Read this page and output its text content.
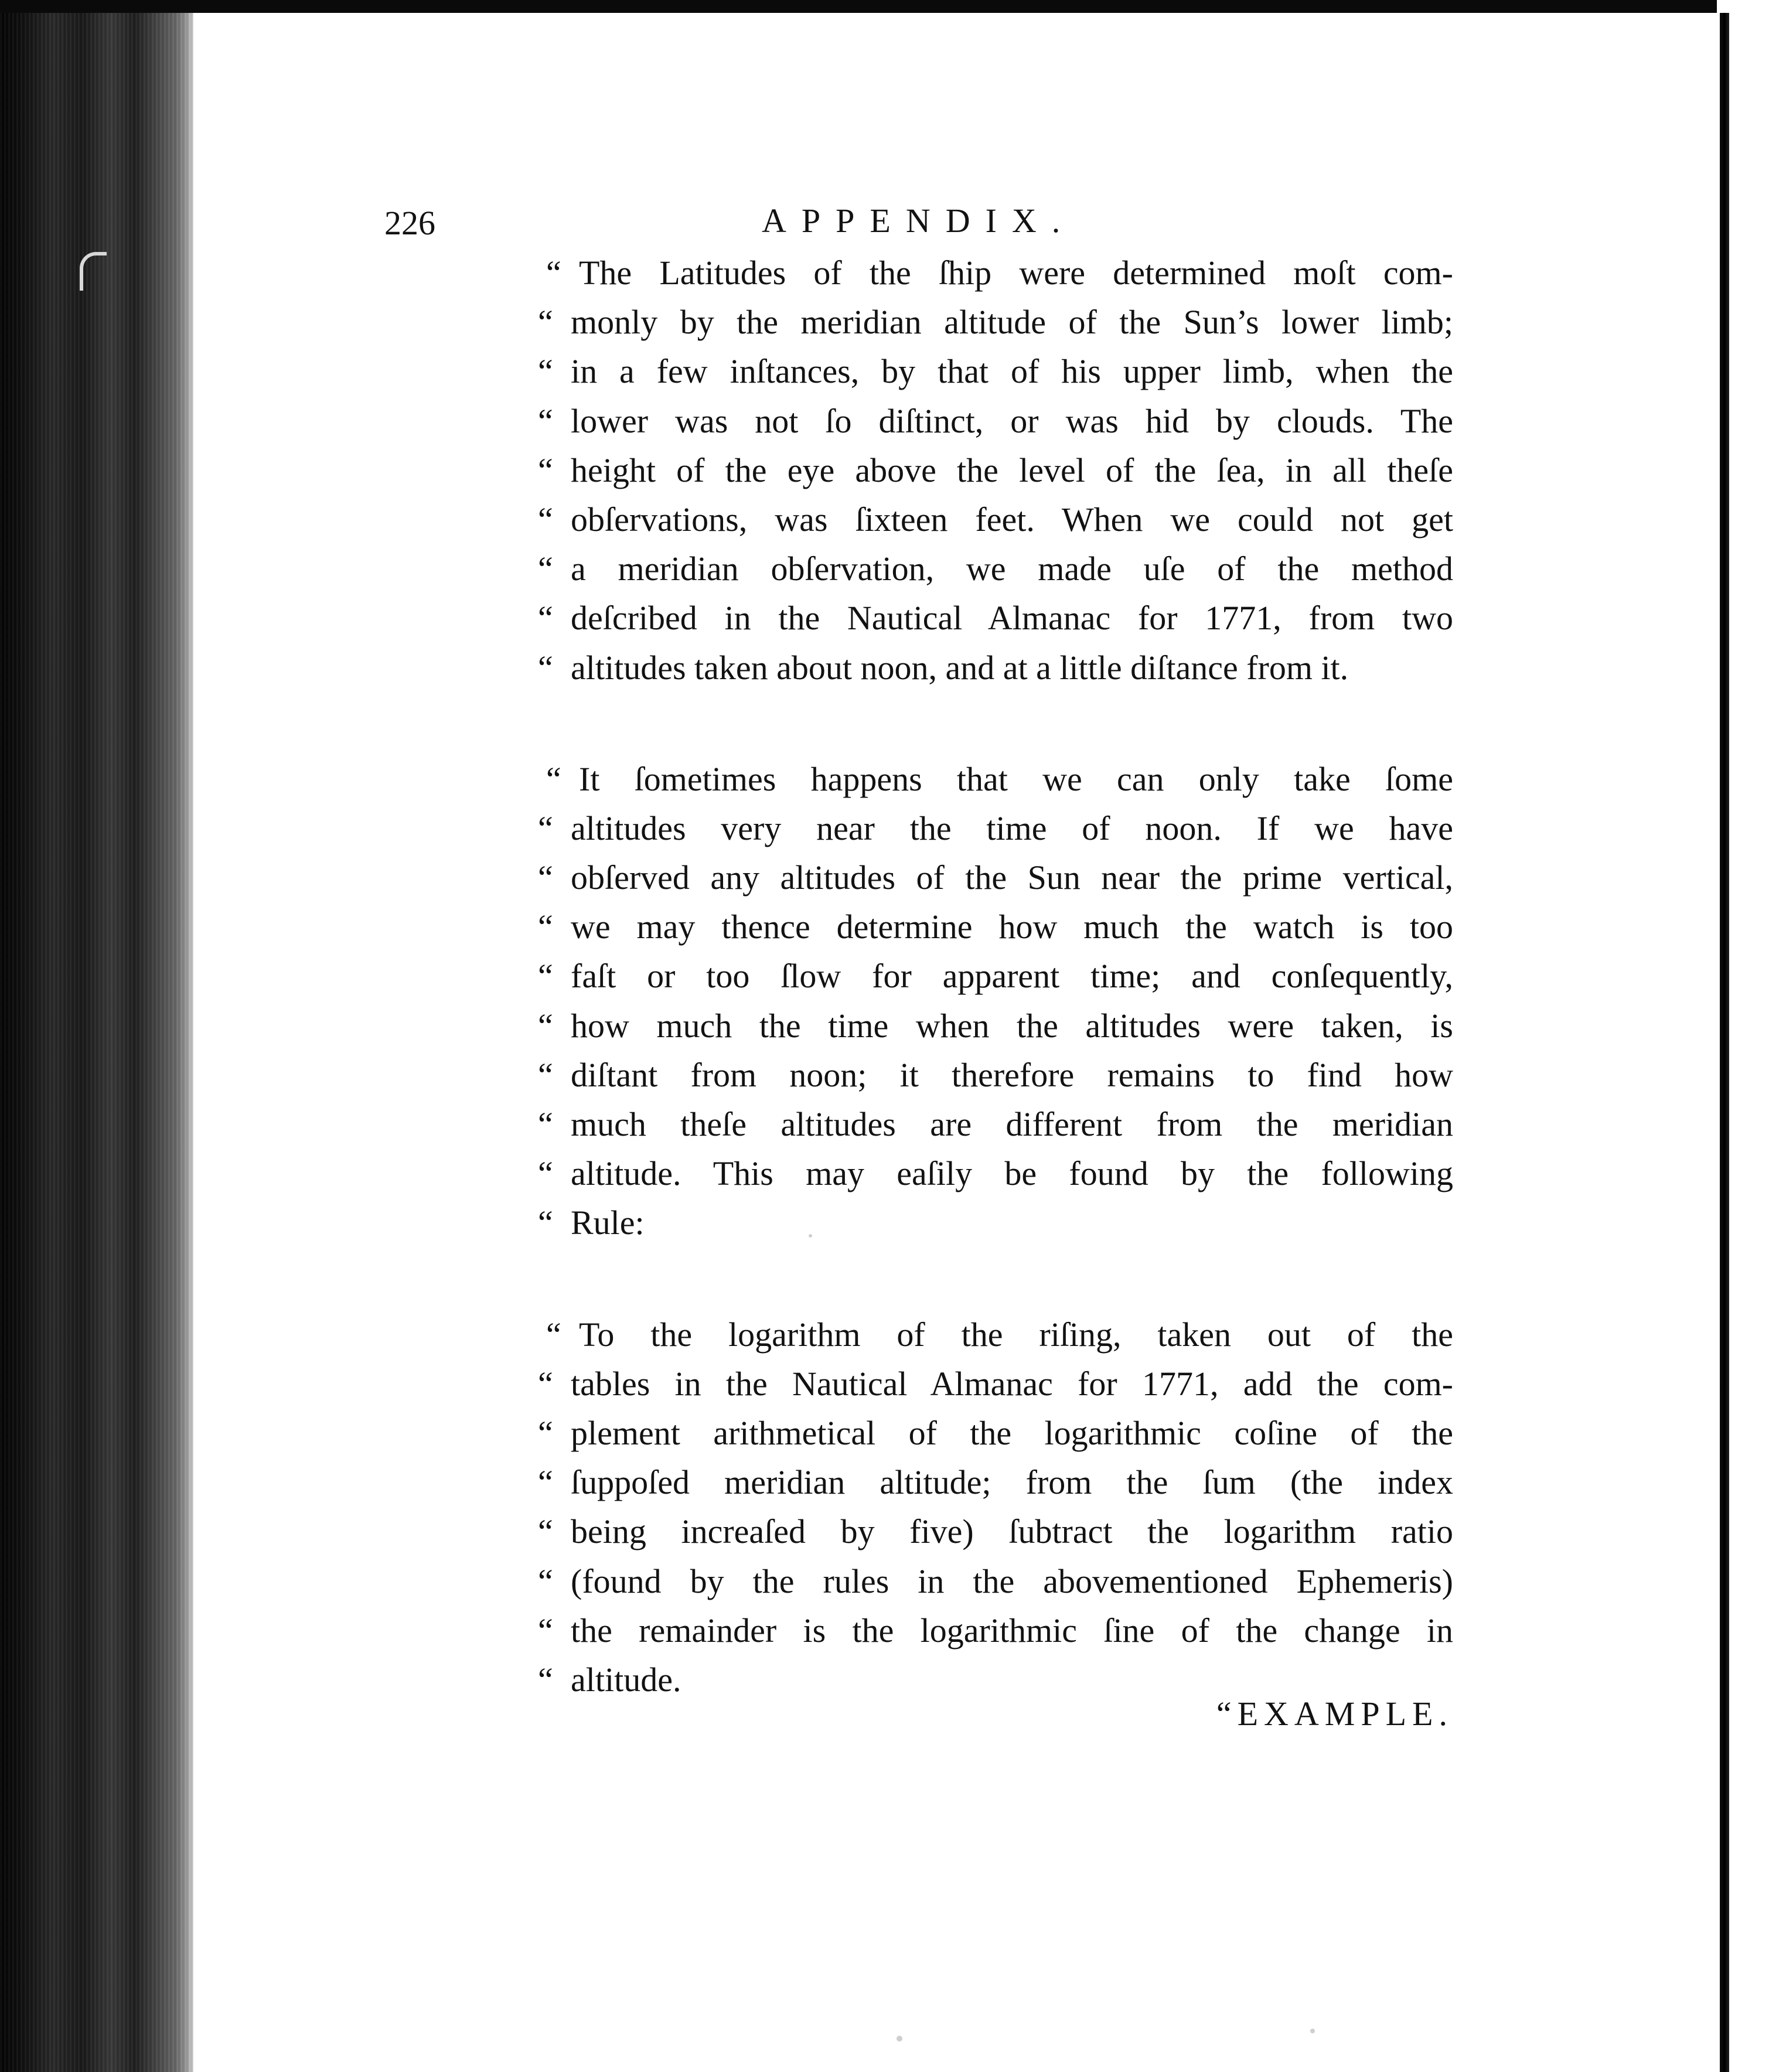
226	APPENDIX.
“ The Latitudes of the ſhip were determined moſt com-
“ monly by the meridian altitude of the Sun’s lower limb;
“ in a few inſtances, by that of his upper limb, when the
“ lower was not ſo diſtinct, or was hid by clouds. The
“ height of the eye above the level of the ſea, in all theſe
“ obſervations, was ſixteen feet. When we could not get
“ a meridian obſervation, we made uſe of the method
“ deſcribed in the Nautical Almanac for 1771, from two
“ altitudes taken about noon, and at a little diſtance from it.
“ It ſometimes happens that we can only take ſome
“ altitudes very near the time of noon. If we have
“ obſerved any altitudes of the Sun near the prime vertical,
“ we may thence determine how much the watch is too
“ faſt or too ſlow for apparent time; and conſequently,
“ how much the time when the altitudes were taken, is
“ diſtant from noon; it therefore remains to find how
“ much theſe altitudes are different from the meridian
“ altitude. This may eaſily be found by the following
“ Rule:
“ To the logarithm of the riſing, taken out of the
“ tables in the Nautical Almanac for 1771, add the com-
“ plement arithmetical of the logarithmic coſine of the
“ ſuppoſed meridian altitude; from the ſum (the index
“ being increaſed by five) ſubtract the logarithm ratio
“ (found by the rules in the abovementioned Ephemeris)
“ the remainder is the logarithmic ſine of the change in
“ altitude.
“EXAMPLE.
